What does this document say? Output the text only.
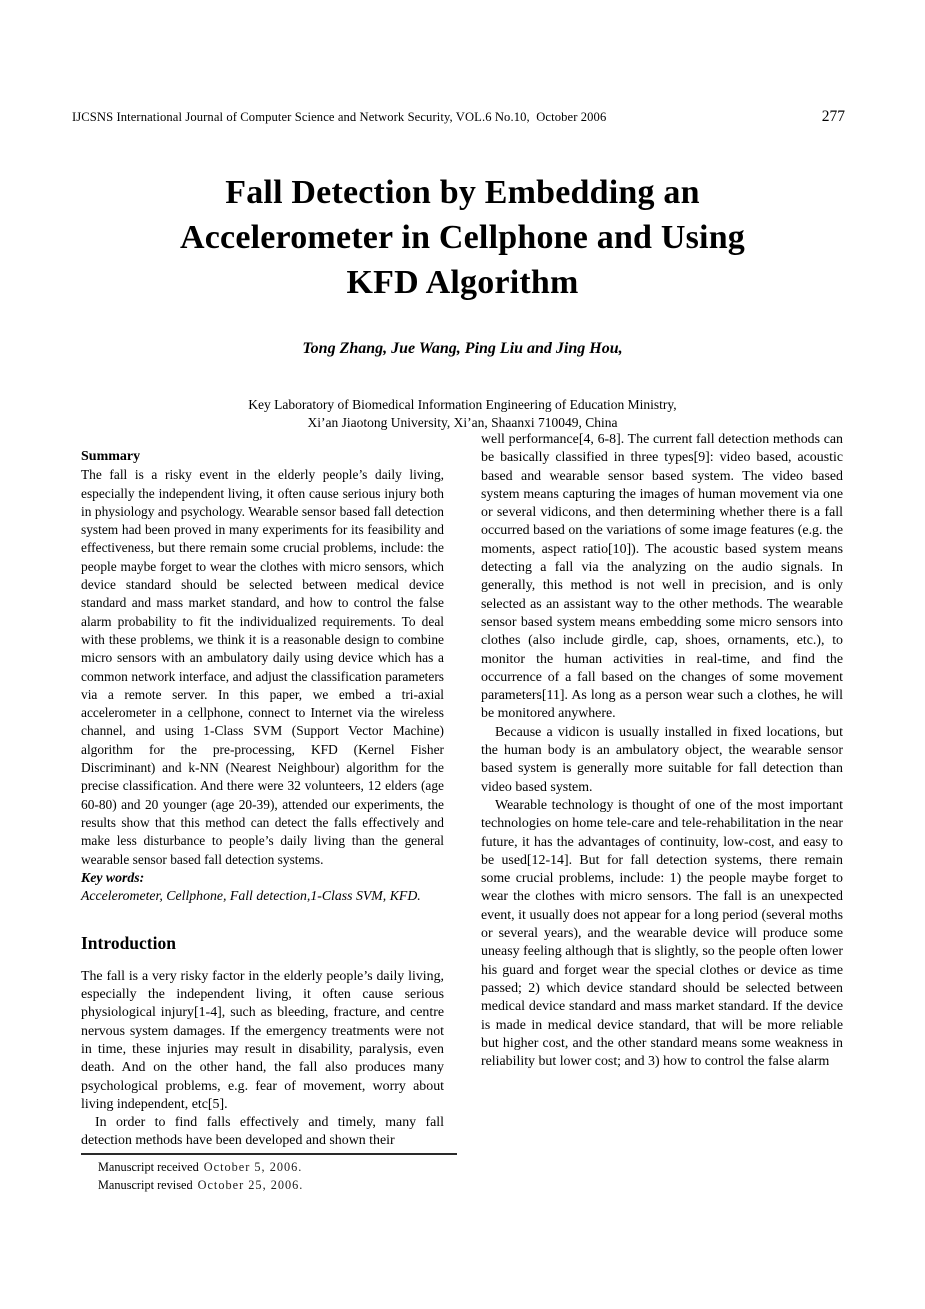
IJCSNS International Journal of Computer Science and Network Security, VOL.6 No.10,  October 2006	277
Fall Detection by Embedding an
Accelerometer in Cellphone and Using
KFD Algorithm
Tong Zhang, Jue Wang, Ping Liu and Jing Hou,
Key Laboratory of Biomedical Information Engineering of Education Ministry,
Xi’an Jiaotong University, Xi’an, Shaanxi 710049, China

Summary

The fall is a risky event in the elderly people’s daily living, especially the independent living, it often cause serious injury both in physiology and psychology. Wearable sensor based fall detection system had been proved in many experiments for its feasibility and effectiveness, but there remain some crucial problems, include: the people maybe forget to wear the clothes with micro sensors, which device standard should be selected between medical device standard and mass market standard, and how to control the false alarm probability to fit the individualized requirements. To deal with these problems, we think it is a reasonable design to combine micro sensors with an ambulatory daily using device which has a common network interface, and adjust the classification parameters via a remote server. In this paper, we embed a tri-axial accelerometer in a cellphone, connect to Internet via the wireless channel, and using 1-Class SVM (Support Vector Machine) algorithm for the pre-processing, KFD (Kernel Fisher Discriminant) and k-NN (Nearest Neighbour) algorithm for the precise classification. And there were 32 volunteers, 12 elders (age 60-80) and 20 younger (age 20-39), attended our experiments, the results show that this method can detect the falls effectively and make less disturbance to people’s daily living than the general wearable sensor based fall detection systems.

Key words:

Accelerometer, Cellphone, Fall detection,1-Class SVM, KFD.

Introduction

The fall is a very risky factor in the elderly people’s daily living, especially the independent living, it often cause serious physiological injury[1-4], such as bleeding, fracture, and centre nervous system damages. If the emergency treatments were not in time, these injuries may result in disability, paralysis, even death. And on the other hand, the fall also produces many psychological problems, e.g. fear of movement, worry about living independent, etc[5].

In order to find falls effectively and timely, many fall detection methods have been developed and shown their

well performance[4, 6-8]. The current fall detection methods can be basically classified in three types[9]: video based, acoustic based and wearable sensor based system. The video based system means capturing the images of human movement via one or several vidicons, and then determining whether there is a fall occurred based on the variations of some image features (e.g. the moments, aspect ratio[10]). The acoustic based system means detecting a fall via the analyzing on the audio signals. In generally, this method is not well in precision, and is only selected as an assistant way to the other methods. The wearable sensor based system means embedding some micro sensors into clothes (also include girdle, cap, shoes, ornaments, etc.), to monitor the human activities in real-time, and find the occurrence of a fall based on the changes of some movement parameters[11]. As long as a person wear such a clothes, he will be monitored anywhere.

Because a vidicon is usually installed in fixed locations, but the human body is an ambulatory object, the wearable sensor based system is generally more suitable for fall detection than video based system.

Wearable technology is thought of one of the most important technologies on home tele-care and tele-rehabilitation in the near future, it has the advantages of continuity, low-cost, and easy to be used[12-14]. But for fall detection systems, there remain some crucial problems, include: 1) the people maybe forget to wear the clothes with micro sensors. The fall is an unexpected event, it usually does not appear for a long period (several moths or several years), and the wearable device will produce some uneasy feeling although that is slightly, so the people often lower his guard and forget wear the special clothes or device as time passed; 2) which device standard should be selected between medical device standard and mass market standard. If the device is made in medical device standard, that will be more reliable but higher cost, and the other standard means some weakness in reliability but lower cost; and 3) how to control the false alarm

Manuscript received October 5, 2006.
Manuscript revised October 25, 2006.
